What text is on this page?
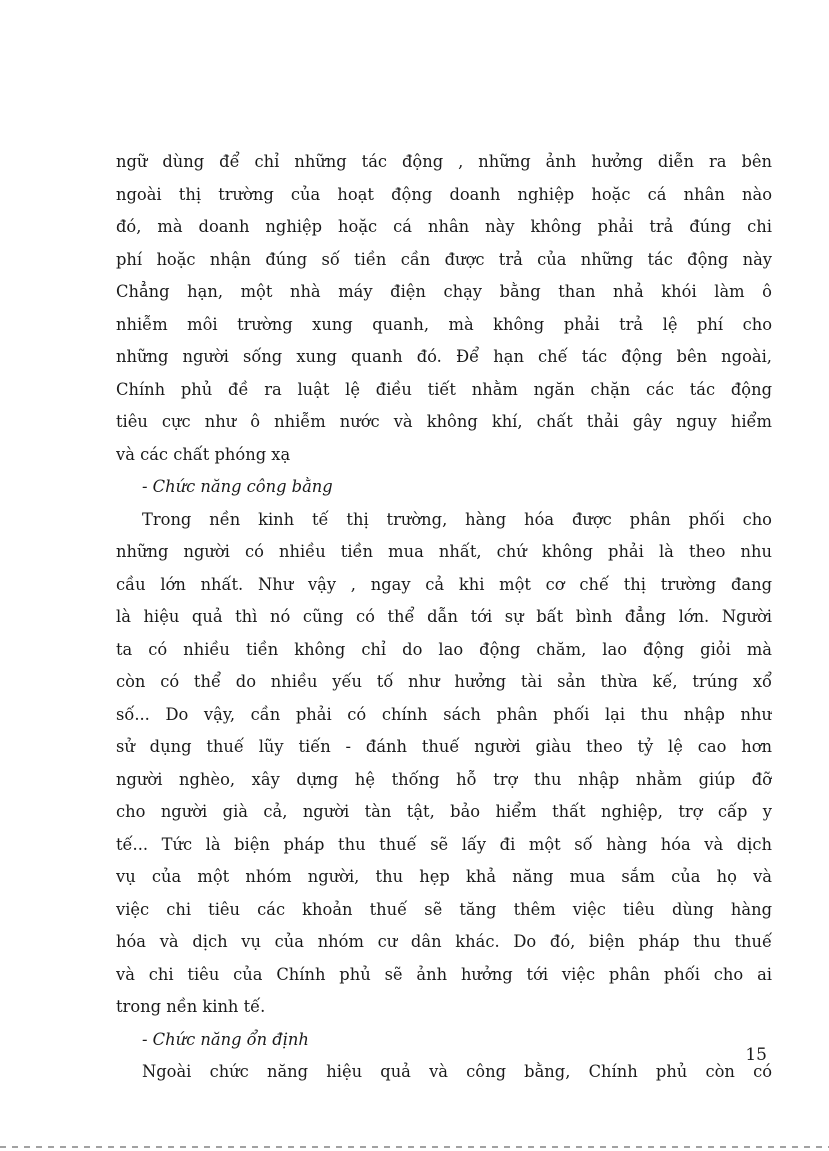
ngữ dùng để chỉ những tác động , những ảnh hưởng diễn ra bên
ngoài thị trường của hoạt động doanh nghiệp hoặc cá nhân nào
đó, mà doanh nghiệp hoặc cá nhân này không phải trả đúng chi
phí hoặc nhận đúng số tiền cần được trả của những tác động này
Chẳng hạn, một nhà máy điện chạy bằng than nhả khói làm ô
nhiễm môi trường xung quanh, mà không phải trả lệ phí cho
những người sống xung quanh đó. Để hạn chế tác động bên ngoài,
Chính phủ đề ra luật lệ điều tiết nhằm ngăn chặn các tác động
tiêu cực như ô nhiễm nước và không khí, chất thải gây nguy hiểm
và các chất phóng xạ
- Chức năng công bằng
Trong nền kinh tế thị trường, hàng hóa được phân phối cho
những người có nhiều tiền mua nhất, chứ không phải là theo nhu
cầu lớn nhất. Như vậy , ngay cả khi một cơ chế thị trường đang
là hiệu quả thì nó cũng có thể dẫn tới sự bất bình đẳng lớn. Người
ta có nhiều tiền không chỉ do lao động chăm, lao động giỏi mà
còn có thể do nhiều yếu tố như hưởng tài sản thừa kế, trúng xổ
số... Do vậy, cần phải có chính sách phân phối lại thu nhập như
sử dụng thuế lũy tiến - đánh thuế người giàu theo tỷ lệ cao hơn
người nghèo, xây dựng hệ thống hỗ trợ thu nhập nhằm giúp đỡ
cho người già cả, người tàn tật, bảo hiểm thất nghiệp, trợ cấp y
tế... Tức là biện pháp thu thuế sẽ lấy đi một số hàng hóa và dịch
vụ của một nhóm người, thu hẹp khả năng mua sắm của họ và
việc chi tiêu các khoản thuế sẽ tăng thêm việc tiêu dùng hàng
hóa và dịch vụ của nhóm cư dân khác. Do đó, biện pháp thu thuế
và chi tiêu của Chính phủ sẽ ảnh hưởng tới việc phân phối cho ai
trong nền kinh tế.
- Chức năng ổn định
Ngoài chức năng hiệu quả và công bằng, Chính phủ còn có
15
